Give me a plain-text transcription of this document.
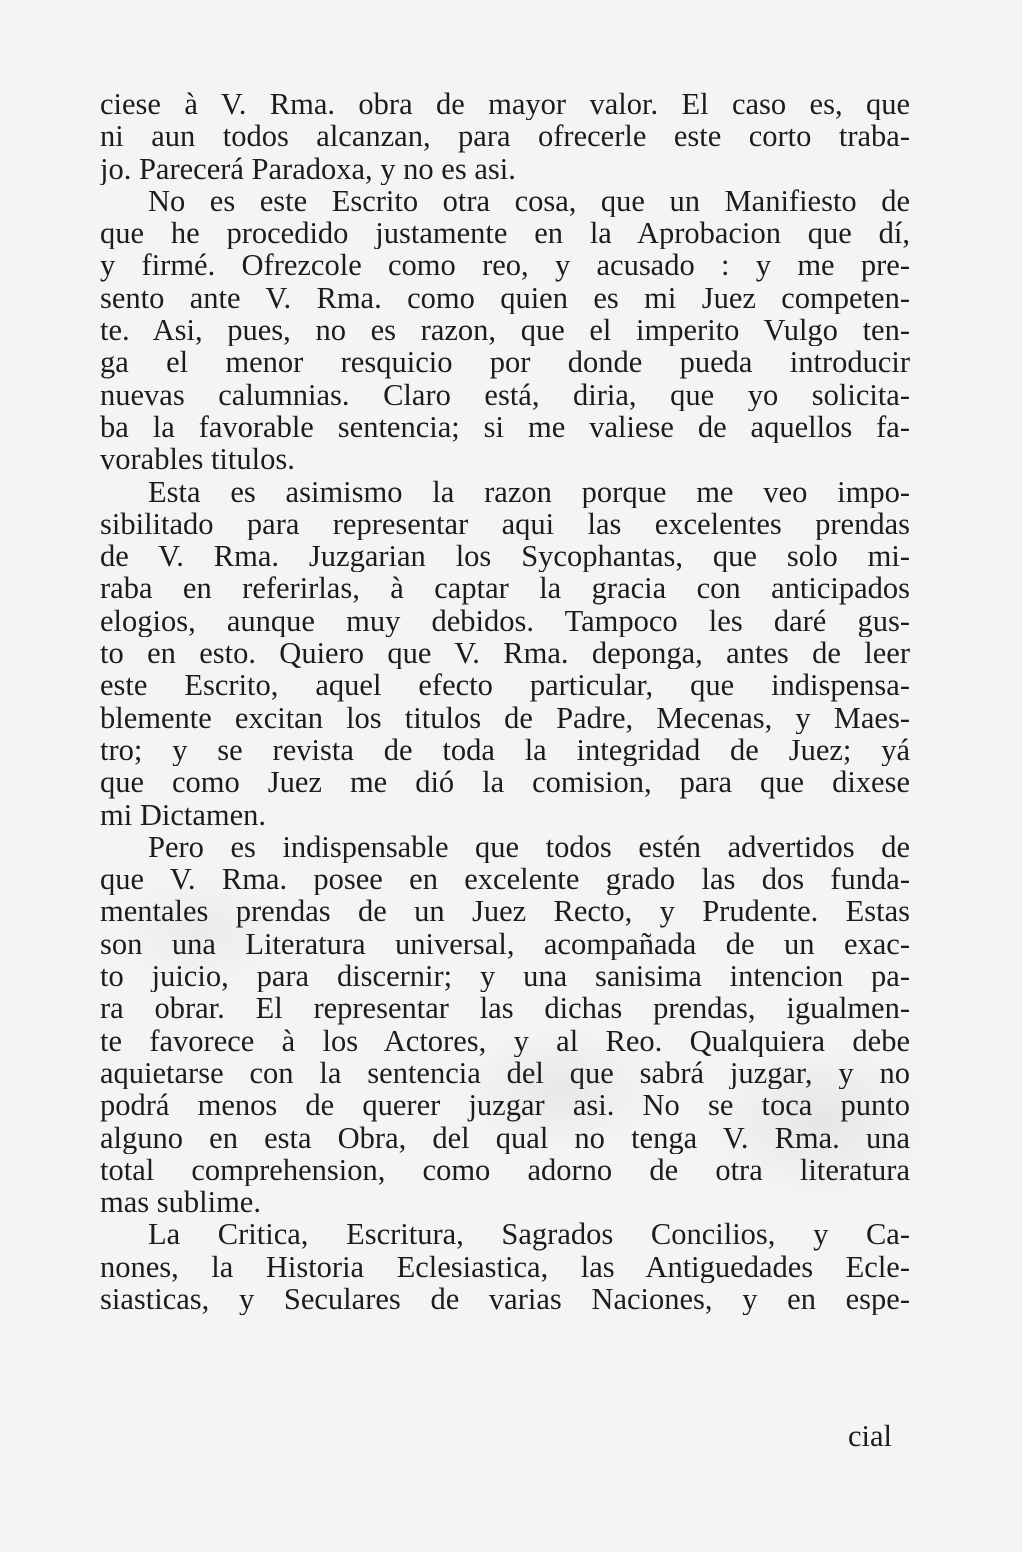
ciese à V. Rma. obra de mayor valor. El caso es, que
ni aun todos alcanzan, para ofrecerle este corto traba-
jo. Parecerá Paradoxa, y no es asi.

No es este Escrito otra cosa, que un Manifiesto de
que he procedido justamente en la Aprobacion que dí,
y firmé. Ofrezcole como reo, y acusado : y me pre-
sento ante V. Rma. como quien es mi Juez competen-
te. Asi, pues, no es razon, que el imperito Vulgo ten-
ga el menor resquicio por donde pueda introducir
nuevas calumnias. Claro está, diria, que yo solicita-
ba la favorable sentencia; si me valiese de aquellos fa-
vorables titulos.

Esta es asimismo la razon porque me veo impo-
sibilitado para representar aqui las excelentes prendas
de V. Rma. Juzgarian los Sycophantas, que solo mi-
raba en referirlas, à captar la gracia con anticipados
elogios, aunque muy debidos. Tampoco les daré gus-
to en esto. Quiero que V. Rma. deponga, antes de leer
este Escrito, aquel efecto particular, que indispensa-
blemente excitan los titulos de Padre, Mecenas, y Maes-
tro; y se revista de toda la integridad de Juez; yá
que como Juez me dió la comision, para que dixese
mi Dictamen.

Pero es indispensable que todos estén advertidos de
que V. Rma. posee en excelente grado las dos funda-
mentales prendas de un Juez Recto, y Prudente. Estas
son una Literatura universal, acompañada de un exac-
to juicio, para discernir; y una sanisima intencion pa-
ra obrar. El representar las dichas prendas, igualmen-
te favorece à los Actores, y al Reo. Qualquiera debe
aquietarse con la sentencia del que sabrá juzgar, y no
podrá menos de querer juzgar asi. No se toca punto
alguno en esta Obra, del qual no tenga V. Rma. una
total comprehension, como adorno de otra literatura
mas sublime.

La Critica, Escritura, Sagrados Concilios, y Ca-
nones, la Historia Eclesiastica, las Antiguedades Ecle-
siasticas, y Seculares de varias Naciones, y en espe-

cial
